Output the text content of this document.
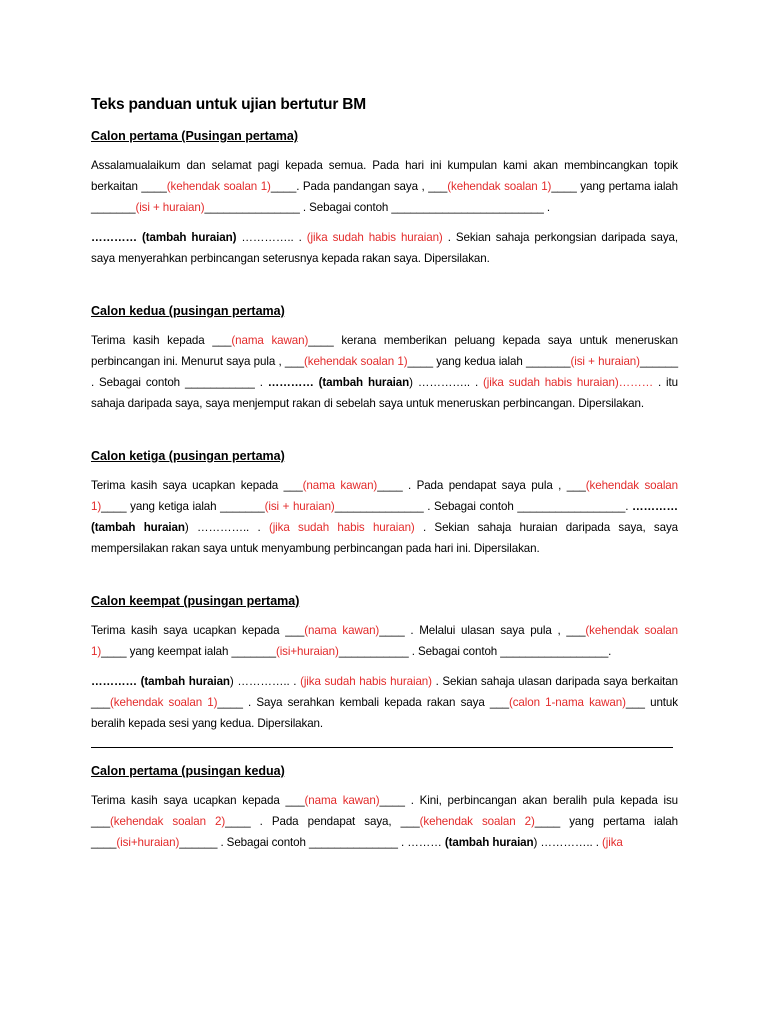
Teks panduan untuk ujian bertutur BM
Calon pertama (Pusingan pertama)
Assalamualaikum dan selamat pagi kepada semua. Pada hari ini kumpulan kami akan membincangkan topik berkaitan ____(kehendak soalan 1)____. Pada pandangan saya , ___(kehendak soalan 1)____ yang pertama ialah _______(isi + huraian)_______________ . Sebagai contoh ________________________ .
………… (tambah huraian) ………….. . (jika sudah habis huraian) . Sekian sahaja perkongsian daripada saya, saya menyerahkan perbincangan seterusnya kepada rakan saya. Dipersilakan.
Calon kedua (pusingan pertama)
Terima kasih kepada ___(nama kawan)____ kerana memberikan peluang kepada saya untuk meneruskan perbincangan ini. Menurut saya pula , ___(kehendak soalan 1)____ yang kedua ialah _______(isi + huraian)______ . Sebagai contoh ___________ . ………… (tambah huraian) ………….. . (jika sudah habis huraian)……… . itu sahaja daripada saya, saya menjemput rakan di sebelah saya untuk meneruskan perbincangan. Dipersilakan.
Calon ketiga (pusingan pertama)
Terima kasih saya ucapkan kepada ___(nama kawan)____ . Pada pendapat saya pula , ___(kehendak soalan 1)____ yang ketiga ialah _______(isi + huraian)______________ . Sebagai contoh _________________. ………… (tambah huraian) ………….. . (jika sudah habis huraian) . Sekian sahaja huraian daripada saya, saya mempersilakan rakan saya untuk menyambung perbincangan pada hari ini. Dipersilakan.
Calon keempat (pusingan pertama)
Terima kasih saya ucapkan kepada ___(nama kawan)____ . Melalui ulasan saya pula , ___(kehendak soalan 1)____ yang keempat ialah _______(isi+huraian)___________ . Sebagai contoh _________________.
………… (tambah huraian) ………….. . (jika sudah habis huraian) . Sekian sahaja ulasan daripada saya berkaitan ___(kehendak soalan 1)____ . Saya serahkan kembali kepada rakan saya ___(calon 1-nama kawan)___ untuk beralih kepada sesi yang kedua. Dipersilakan.
Calon pertama (pusingan kedua)
Terima kasih saya ucapkan kepada ___(nama kawan)____ . Kini, perbincangan akan beralih pula kepada isu ___(kehendak soalan 2)____ . Pada pendapat saya, ___(kehendak soalan 2)____ yang pertama ialah ____(isi+huraian)______ . Sebagai contoh ______________ . ……… (tambah huraian) ………….. . (jika
